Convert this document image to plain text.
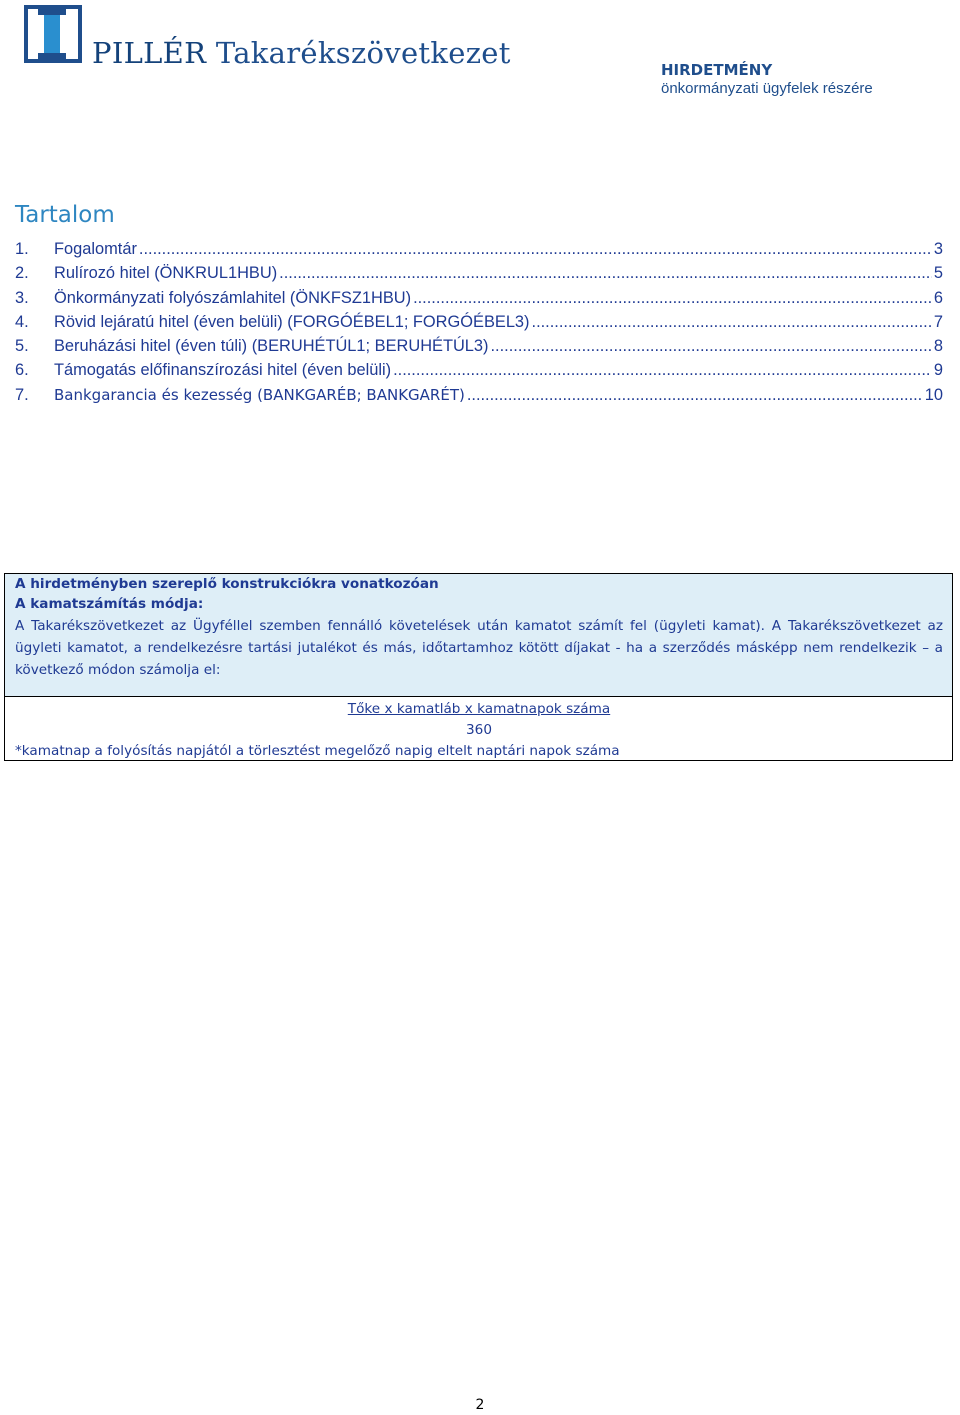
PILLÉR Takarékszövetkezet	HIRDETMÉNY
önkormányzati ügyfelek részére
Tartalom
1.	Fogalomtár .....	3
2.	Rulírozó hitel (ÖNKRUL1HBU) .....	5
3.	Önkormányzati folyószámlahitel (ÖNKFSZ1HBU) .....	6
4.	Rövid lejáratú hitel (éven belüli) (FORGÓÉBEL1; FORGÓÉBEL3) .....	7
5.	Beruházási hitel (éven túli) (BERUHÉTÚL1; BERUHÉTÚL3) .....	8
6.	Támogatás előfinanszírozási hitel (éven belüli) .....	9
7.	Bankgarancia és kezesség (BANKGARÉB; BANKGARÉT) .....	10
A hirdetményben szereplő konstrukciókra vonatkozóan
A kamatszámítás módja:
A Takarékszövetkezet az Ügyféllel szemben fennálló követelések után kamatot számít fel (ügyleti kamat). A Takarékszövetkezet az ügyleti kamatot, a rendelkezésre tartási jutalékot és más, időtartamhoz kötött díjakat - ha a szerződés másképp nem rendelkezik – a következő módon számolja el:
Tőke x kamatláb x kamatnapok száma
360
*kamatnap a folyósítás napjától a törlesztést megelőző napig eltelt naptári napok száma
2
